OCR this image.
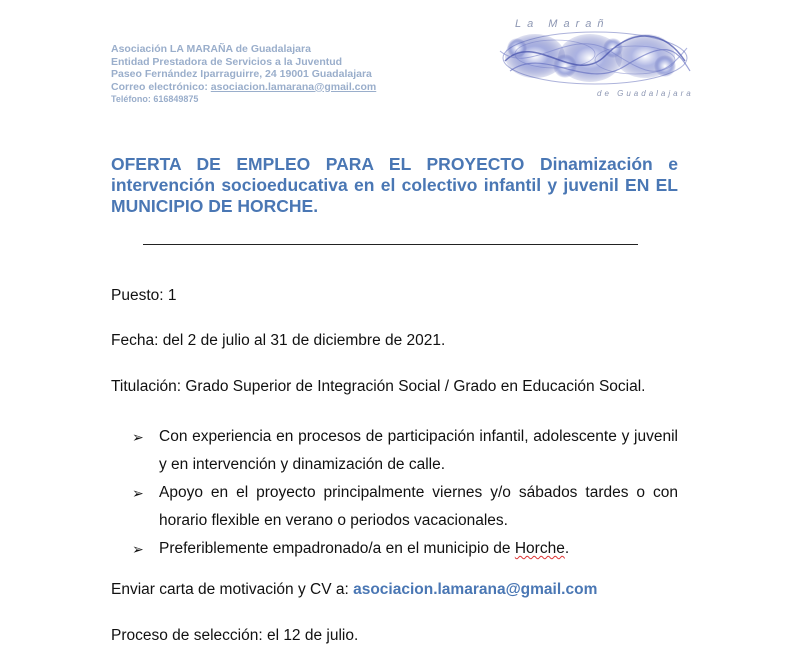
Asociación LA MARAÑA de Guadalajara
Entidad Prestadora de Servicios a la Juventud
Paseo Fernández Iparraguirre, 24 19001 Guadalajara
Correo electrónico: asociacion.lamarana@gmail.com
Teléfono: 616849875
La Marañ
de Guadalajara
OFERTA DE EMPLEO PARA EL PROYECTO Dinamización e intervención socioeducativa en el colectivo infantil y juvenil EN EL MUNICIPIO DE HORCHE.
Puesto: 1
Fecha: del 2 de julio al 31 de diciembre de 2021.
Titulación: Grado Superior de Integración Social / Grado en Educación Social.
➢ Con experiencia en procesos de participación infantil, adolescente y juvenil y en intervención y dinamización de calle.
➢ Apoyo en el proyecto principalmente viernes y/o sábados tardes o con horario flexible en verano o periodos vacacionales.
➢ Preferiblemente empadronado/a en el municipio de Horche.
Enviar carta de motivación y CV a: asociacion.lamarana@gmail.com
Proceso de selección: el 12 de julio.
